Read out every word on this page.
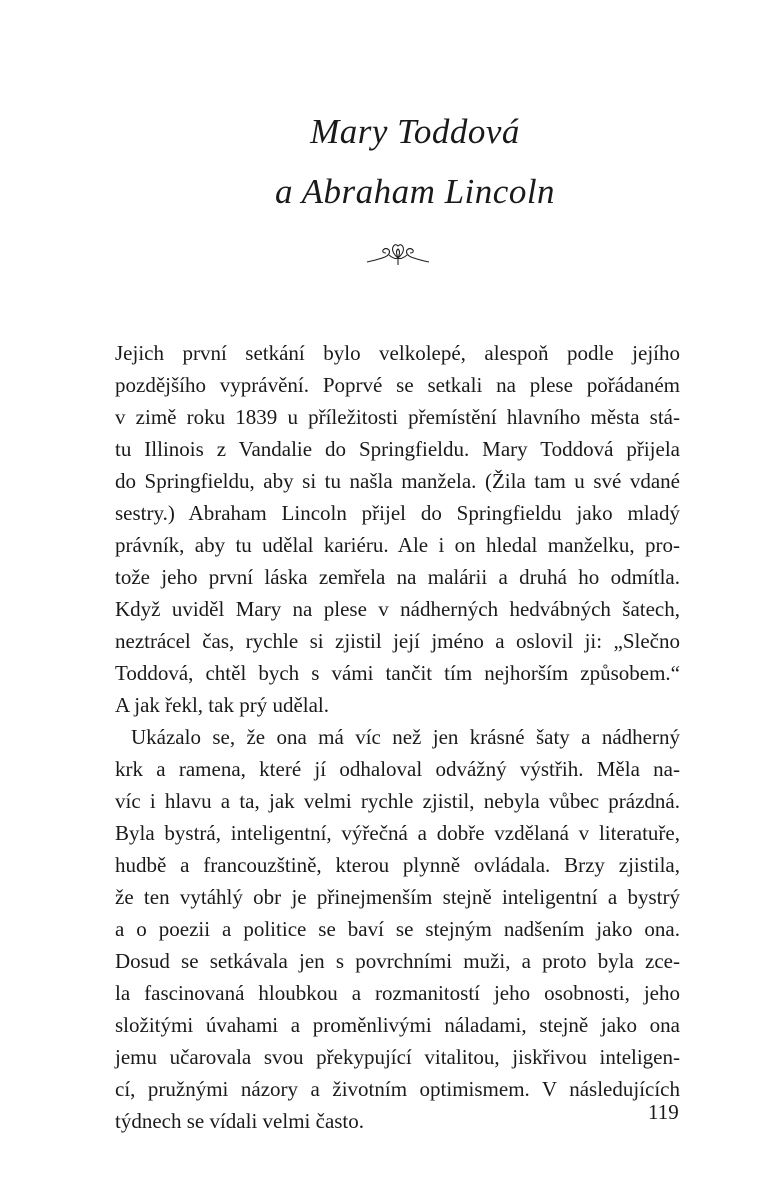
Mary Toddová
a Abraham Lincoln
Jejich první setkání bylo velkolepé, alespoň podle jejího
pozdějšího vyprávění. Poprvé se setkali na plese pořádaném
v zimě roku 1839 u příležitosti přemístění hlavního města stá-
tu Illinois z Vandalie do Springfieldu. Mary Toddová přijela
do Springfieldu, aby si tu našla manžela. (Žila tam u své vdané
sestry.) Abraham Lincoln přijel do Springfieldu jako mladý
právník, aby tu udělal kariéru. Ale i on hledal manželku, pro-
tože jeho první láska zemřela na malárii a druhá ho odmítla.
Když uviděl Mary na plese v nádherných hedvábných šatech,
neztrácel čas, rychle si zjistil její jméno a oslovil ji: „Slečno
Toddová, chtěl bych s vámi tančit tím nejhorším způsobem.“
A jak řekl, tak prý udělal.
Ukázalo se, že ona má víc než jen krásné šaty a nádherný
krk a ramena, které jí odhaloval odvážný výstřih. Měla na-
víc i hlavu a ta, jak velmi rychle zjistil, nebyla vůbec prázdná.
Byla bystrá, inteligentní, výřečná a dobře vzdělaná v literatuře,
hudbě a francouzštině, kterou plynně ovládala. Brzy zjistila,
že ten vytáhlý obr je přinejmenším stejně inteligentní a bystrý
a o poezii a politice se baví se stejným nadšením jako ona.
Dosud se setkávala jen s povrchními muži, a proto byla zce-
la fascinovaná hloubkou a rozmanitostí jeho osobnosti, jeho
složitými úvahami a proměnlivými náladami, stejně jako ona
jemu učarovala svou překypující vitalitou, jiskřivou inteligen-
cí, pružnými názory a životním optimismem. V následujících
týdnech se vídali velmi často.	119
